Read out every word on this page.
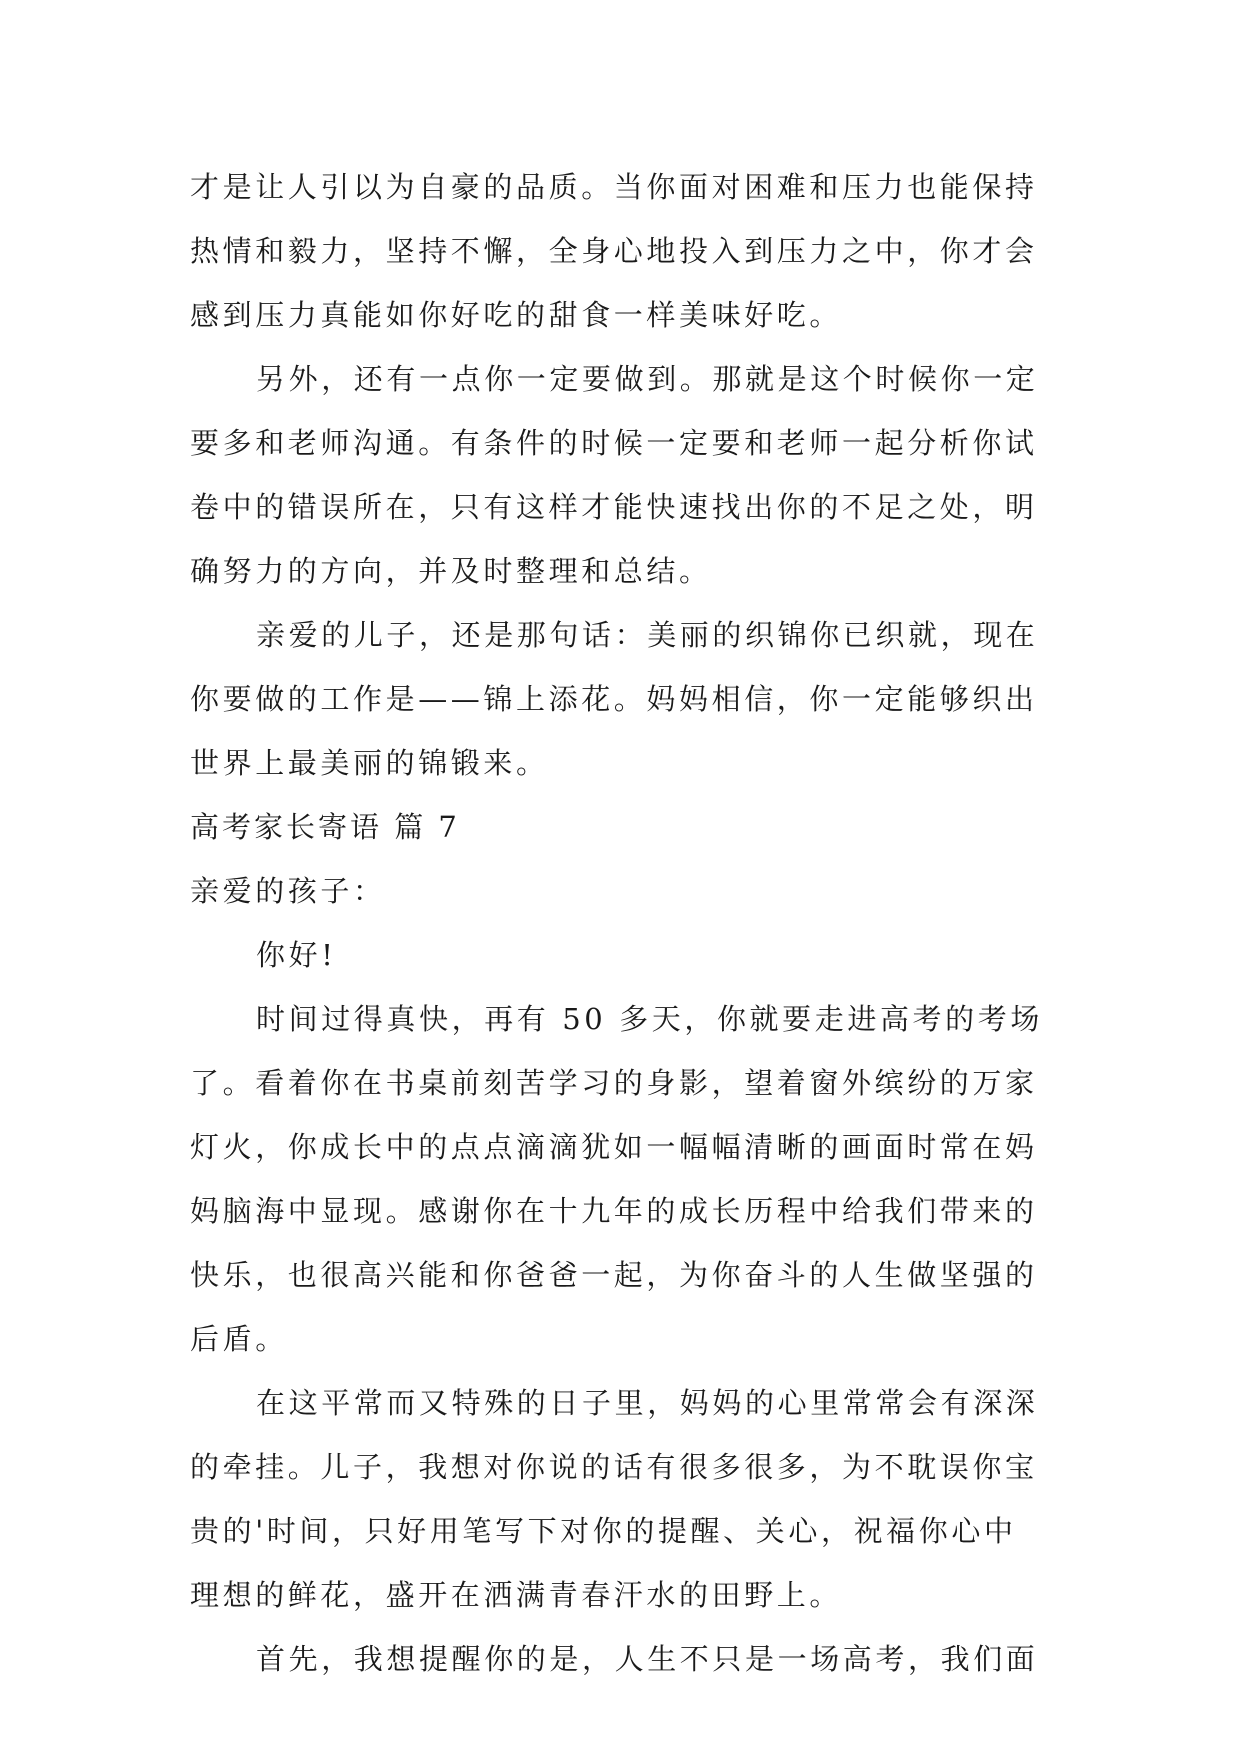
才是让人引以为自豪的品质。当你面对困难和压力也能保持
热情和毅力，坚持不懈，全身心地投入到压力之中，你才会
感到压力真能如你好吃的甜食一样美味好吃。
另外，还有一点你一定要做到。那就是这个时候你一定
要多和老师沟通。有条件的时候一定要和老师一起分析你试
卷中的错误所在，只有这样才能快速找出你的不足之处，明
确努力的方向，并及时整理和总结。
亲爱的儿子，还是那句话：美丽的织锦你已织就，现在
你要做的工作是——锦上添花。妈妈相信，你一定能够织出
世界上最美丽的锦锻来。
高考家长寄语 篇 7
亲爱的孩子：
你好!
时间过得真快，再有 50 多天，你就要走进高考的考场
了。看着你在书桌前刻苦学习的身影，望着窗外缤纷的万家
灯火，你成长中的点点滴滴犹如一幅幅清晰的画面时常在妈
妈脑海中显现。感谢你在十九年的成长历程中给我们带来的
快乐，也很高兴能和你爸爸一起，为你奋斗的人生做坚强的
后盾。
在这平常而又特殊的日子里，妈妈的心里常常会有深深
的牵挂。儿子，我想对你说的话有很多很多，为不耽误你宝
贵的'时间，只好用笔写下对你的提醒、关心，祝福你心中
理想的鲜花，盛开在洒满青春汗水的田野上。
首先，我想提醒你的是，人生不只是一场高考，我们面
